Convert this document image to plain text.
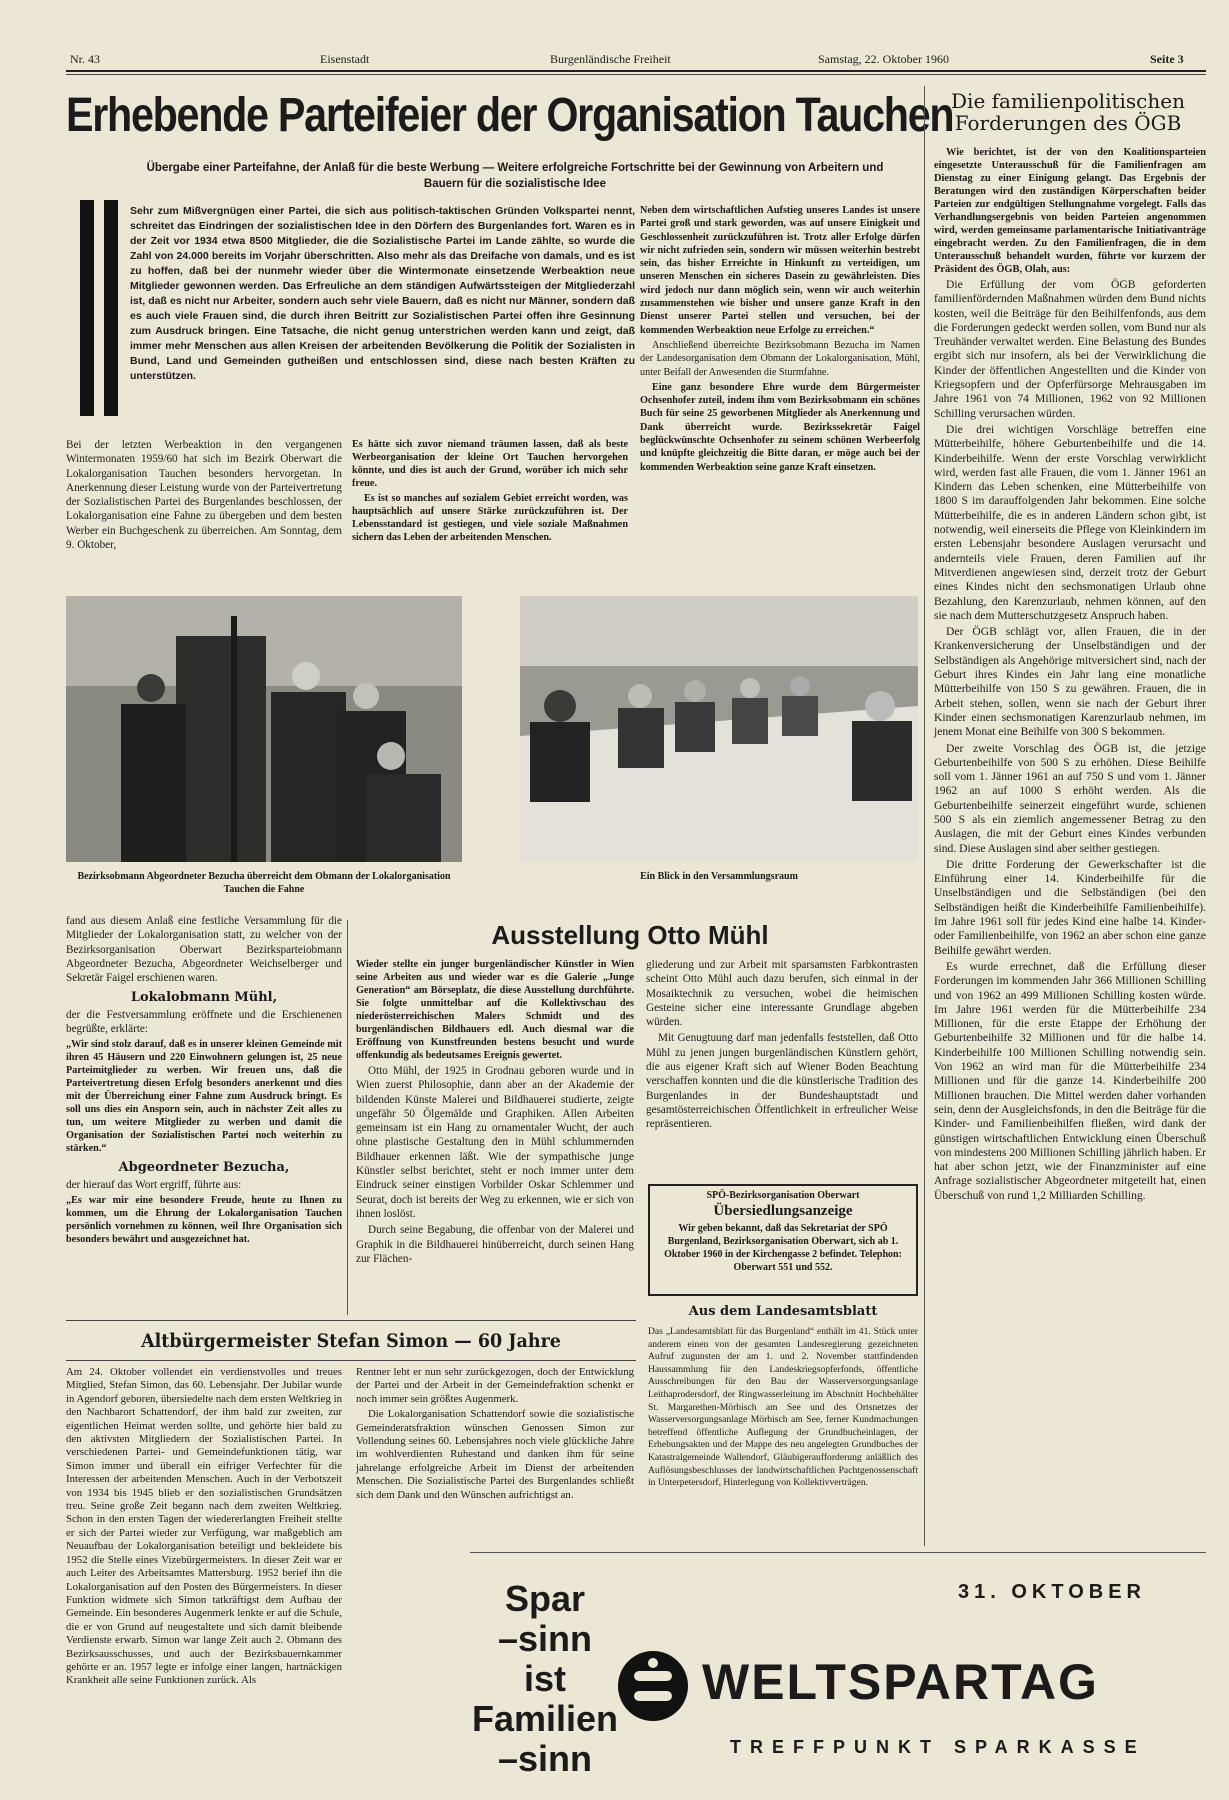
Nr. 43	Eisenstadt	Burgenländische Freiheit	Samstag, 22. Oktober 1960	Seite 3
Erhebende Parteifeier der Organisation Tauchen
Übergabe einer Parteifahne, der Anlaß für die beste Werbung — Weitere erfolgreiche Fortschritte bei der Gewinnung von Arbeitern und Bauern für die sozialistische Idee
Sehr zum Mißvergnügen einer Partei, die sich aus politisch-taktischen Gründen Volkspartei nennt, schreitet das Eindringen der sozialistischen Idee in den Dörfern des Burgenlandes fort. Waren es in der Zeit vor 1934 etwa 8500 Mitglieder, die die Sozialistische Partei im Lande zählte, so wurde die Zahl von 24.000 bereits im Vorjahr überschritten. Also mehr als das Dreifache von damals, und es ist zu hoffen, daß bei der nunmehr wieder über die Wintermonate einsetzende Werbeaktion neue Mitglieder gewonnen werden. Das Erfreuliche an dem ständigen Aufwärtssteigen der Mitgliederzahl ist, daß es nicht nur Arbeiter, sondern auch sehr viele Bauern, daß es nicht nur Männer, sondern daß es auch viele Frauen sind, die durch ihren Beitritt zur Sozialistischen Partei offen ihre Gesinnung zum Ausdruck bringen. Eine Tatsache, die nicht genug unterstrichen werden kann und zeigt, daß immer mehr Menschen aus allen Kreisen der arbeitenden Bevölkerung die Politik der Sozialisten in Bund, Land und Gemeinden gutheißen und entschlossen sind, diese nach besten Kräften zu unterstützen.

Neben dem wirtschaftlichen Aufstieg unseres Landes ist unsere Partei groß und stark geworden, was auf unsere Einigkeit und Geschlossenheit zurückzuführen ist. Trotz aller Erfolge dürfen wir nicht zufrieden sein, sondern wir müssen weiterhin bestrebt sein, das bisher Erreichte in Hinkunft zu verteidigen, um unseren Menschen ein sicheres Dasein zu gewährleisten. Dies wird jedoch nur dann möglich sein, wenn wir auch weiterhin zusammenstehen wie bisher und unsere ganze Kraft in den Dienst unserer Partei stellen und versuchen, bei der kommenden Werbeaktion neue Erfolge zu erreichen.“

Anschließend überreichte Bezirksobmann Bezucha im Namen der Landesorganisation dem Obmann der Lokalorganisation, Mühl, unter Beifall der Anwesenden die Sturmfahne.

Eine ganz besondere Ehre wurde dem Bürgermeister Ochsenhofer zuteil, indem ihm vom Bezirksobmann ein schönes Buch für seine 25 geworbenen Mitglieder als Anerkennung und Dank überreicht wurde. Bezirkssekretär Faigel beglückwünschte Ochsenhofer zu seinem schönen Werbeerfolg und knüpfte gleichzeitig die Bitte daran, er möge auch bei der kommenden Werbeaktion seine ganze Kraft einsetzen.

Bei der letzten Werbeaktion in den vergangenen Wintermonaten 1959/60 hat sich im Bezirk Oberwart die Lokalorganisation Tauchen besonders hervorgetan. In Anerkennung dieser Leistung wurde von der Parteivertretung der Sozialistischen Partei des Burgenlandes beschlossen, der Lokalorganisation eine Fahne zu übergeben und dem besten Werber ein Buchgeschenk zu überreichen. Am Sonntag, dem 9. Oktober,

Es hätte sich zuvor niemand träumen lassen, daß als beste Werbeorganisation der kleine Ort Tauchen hervorgehen könnte, und dies ist auch der Grund, worüber ich mich sehr freue.

Es ist so manches auf sozialem Gebiet erreicht worden, was hauptsächlich auf unsere Stärke zurückzuführen ist. Der Lebensstandard ist gestiegen, und viele soziale Maßnahmen sichern das Leben der arbeitenden Menschen.

Bezirksobmann Abgeordneter Bezucha überreicht dem Obmann der Lokalorganisation Tauchen die Fahne
Ein Blick in den Versammlungsraum

fand aus diesem Anlaß eine festliche Versammlung für die Mitglieder der Lokalorganisation statt, zu welcher von der Bezirksorganisation Oberwart Bezirksparteiobmann Abgeordneter Bezucha, Abgeordneter Weichselberger und Sekretär Faigel erschienen waren.

Lokalobmann Mühl,

der die Festversammlung eröffnete und die Erschienenen begrüßte, erklärte:

„Wir sind stolz darauf, daß es in unserer kleinen Gemeinde mit ihren 45 Häusern und 220 Einwohnern gelungen ist, 25 neue Parteimitglieder zu werben. Wir freuen uns, daß die Parteivertretung diesen Erfolg besonders anerkennt und dies mit der Überreichung einer Fahne zum Ausdruck bringt. Es soll uns dies ein Ansporn sein, auch in nächster Zeit alles zu tun, um weitere Mitglieder zu werben und damit die Organisation der Sozialistischen Partei noch weiterhin zu stärken.“

Abgeordneter Bezucha,

der hierauf das Wort ergriff, führte aus:

„Es war mir eine besondere Freude, heute zu Ihnen zu kommen, um die Ehrung der Lokalorganisation Tauchen persönlich vornehmen zu können, weil Ihre Organisation sich besonders bewährt und ausgezeichnet hat.

Ausstellung Otto Mühl

Wieder stellte ein junger burgenländischer Künstler in Wien seine Arbeiten aus und wieder war es die Galerie „Junge Generation“ am Börseplatz, die diese Ausstellung durchführte. Sie folgte unmittelbar auf die Kollektivschau des niederösterreichischen Malers Schmidt und des burgenländischen Bildhauers edl. Auch diesmal war die Eröffnung von Kunstfreunden bestens besucht und wurde offenkundig als bedeutsames Ereignis gewertet.

Otto Mühl, der 1925 in Grodnau geboren wurde und in Wien zuerst Philosophie, dann aber an der Akademie der bildenden Künste Malerei und Bildhauerei studierte, zeigte ungefähr 50 Ölgemälde und Graphiken. Allen Arbeiten gemeinsam ist ein Hang zu ornamentaler Wucht, der auch ohne plastische Gestaltung den in Mühl schlummernden Bildhauer erkennen läßt. Wie der sympathische junge Künstler selbst berichtet, steht er noch immer unter dem Eindruck seiner einstigen Vorbilder Oskar Schlemmer und Seurat, doch ist bereits der Weg zu erkennen, wie er sich von ihnen loslöst.

Durch seine Begabung, die offenbar von der Malerei und Graphik in die Bildhauerei hinüberreicht, durch seinen Hang zur Flächen-

gliederung und zur Arbeit mit sparsamsten Farbkontrasten scheint Otto Mühl auch dazu berufen, sich einmal in der Mosaiktechnik zu versuchen, wobei die heimischen Gesteine sicher eine interessante Grundlage abgeben würden.

Mit Genugtuung darf man jedenfalls feststellen, daß Otto Mühl zu jenen jungen burgenländischen Künstlern gehört, die aus eigener Kraft sich auf Wiener Boden Beachtung verschaffen konnten und die die künstlerische Tradition des Burgenlandes in der Bundeshauptstadt und gesamtösterreichischen Öffentlichkeit in erfreulicher Weise repräsentieren.

SPÖ-Bezirksorganisation Oberwart
Übersiedlungsanzeige
Wir geben bekannt, daß das Sekretariat der SPÖ Burgenland, Bezirksorganisation Oberwart, sich ab 1. Oktober 1960 in der Kirchengasse 2 befindet. Telephon: Oberwart 551 und 552.
Aus dem Landesamtsblatt
Das „Landesamtsblatt für das Burgenland“ enthält im 41. Stück unter anderem einen von der gesamten Landesregierung gezeichneten Aufruf zugunsten der am 1. und 2. November stattfindenden Haussammlung für den Landeskriegsopferfonds, öffentliche Ausschreibungen für den Bau der Wasserversorgungsanlage Leithaprodersdorf, der Ringwasserleitung im Abschnitt Hochbehälter St. Margarethen-Mörbisch am See und des Ortsnetzes der Wasserversorgungsanlage Mörbisch am See, ferner Kundmachungen betreffend öffentliche Auflegung der Grundbucheinlagen, der Erhebungsakten und der Mappe des neu angelegten Grundbuches der Katastralgemeinde Wallendorf, Gläubigeraufforderung anläßlich des Auflösungsbeschlusses der landwirtschaftlichen Pachtgenossenschaft in Unterpetersdorf, Hinterlegung von Kollektivverträgen.
Altbürgermeister Stefan Simon — 60 Jahre
Am 24. Oktober vollendet ein verdienstvolles und treues Mitglied, Stefan Simon, das 60. Lebensjahr. Der Jubilar wurde in Agendorf geboren, übersiedelte nach dem ersten Weltkrieg in den Nachbarort Schattendorf, der ihm bald zur zweiten, zur eigentlichen Heimat werden sollte, und gehörte hier bald zu den aktivsten Mitgliedern der Sozialistischen Partei. In verschiedenen Partei- und Gemeindefunktionen tätig, war Simon immer und überall ein eifriger Verfechter für die Interessen der arbeitenden Menschen. Auch in der Verbotszeit von 1934 bis 1945 blieb er den sozialistischen Grundsätzen treu. Seine große Zeit begann nach dem zweiten Weltkrieg. Schon in den ersten Tagen der wiedererlangten Freiheit stellte er sich der Partei wieder zur Verfügung, war maßgeblich am Neuaufbau der Lokalorganisation beteiligt und bekleidete bis 1952 die Stelle eines Vizebürgermeisters. In dieser Zeit war er auch Leiter des Arbeitsamtes Mattersburg. 1952 berief ihn die Lokalorganisation auf den Posten des Bürgermeisters. In dieser Funktion widmete sich Simon tatkräftigst dem Aufbau der Gemeinde. Ein besonderes Augenmerk lenkte er auf die Schule, die er von Grund auf neugestaltete und sich damit bleibende Verdienste erwarb. Simon war lange Zeit auch 2. Obmann des Bezirksausschusses, und auch der Bezirksbauernkammer gehörte er an. 1957 legte er infolge einer langen, hartnäckigen Krankheit alle seine Funktionen zurück. Als

Rentner lebt er nun sehr zurückgezogen, doch der Entwicklung der Partei und der Arbeit in der Gemeindefraktion schenkt er noch immer sein größtes Augenmerk.

Die Lokalorganisation Schattendorf sowie die sozialistische Gemeinderatsfraktion wünschen Genossen Simon zur Vollendung seines 60. Lebensjahres noch viele glückliche Jahre im wohlverdienten Ruhestand und danken ihm für seine jahrelange erfolgreiche Arbeit im Dienst der arbeitenden Menschen. Die Sozialistische Partei des Burgenlandes schließt sich dem Dank und den Wünschen aufrichtigst an.

Die familienpolitischen Forderungen des ÖGB

Wie berichtet, ist der von den Koalitionsparteien eingesetzte Unterausschuß für die Familienfragen am Dienstag zu einer Einigung gelangt. Das Ergebnis der Beratungen wird den zuständigen Körperschaften beider Parteien zur endgültigen Stellungnahme vorgelegt. Falls das Verhandlungsergebnis von beiden Parteien angenommen wird, werden gemeinsame parlamentarische Initiativanträge eingebracht werden. Zu den Familienfragen, die in dem Unterausschuß behandelt wurden, führte vor kurzem der Präsident des ÖGB, Olah, aus:

Die Erfüllung der vom ÖGB geforderten familienfördernden Maßnahmen würden dem Bund nichts kosten, weil die Beiträge für den Beihilfenfonds, aus dem die Forderungen gedeckt werden sollen, vom Bund nur als Treuhänder verwaltet werden. Eine Belastung des Bundes ergibt sich nur insofern, als bei der Verwirklichung die Kinder der öffentlichen Angestellten und die Kinder von Kriegsopfern und der Opferfürsorge Mehrausgaben im Jahre 1961 von 74 Millionen, 1962 von 92 Millionen Schilling verursachen würden.

Die drei wichtigen Vorschläge betreffen eine Mütterbeihilfe, höhere Geburtenbeihilfe und die 14. Kinderbeihilfe. Wenn der erste Vorschlag verwirklicht wird, werden fast alle Frauen, die vom 1. Jänner 1961 an Kindern das Leben schenken, eine Mütterbeihilfe von 1800 S im darauffolgenden Jahr bekommen. Eine solche Mütterbeihilfe, die es in anderen Ländern schon gibt, ist notwendig, weil einerseits die Pflege von Kleinkindern im ersten Lebensjahr besondere Auslagen verursacht und andernteils viele Frauen, deren Familien auf ihr Mitverdienen angewiesen sind, derzeit trotz der Geburt eines Kindes nicht den sechsmonatigen Urlaub ohne Bezahlung, den Karenzurlaub, nehmen können, auf den sie nach dem Mutterschutzgesetz Anspruch haben.

Der ÖGB schlägt vor, allen Frauen, die in der Krankenversicherung der Unselbständigen und der Selbständigen als Angehörige mitversichert sind, nach der Geburt ihres Kindes ein Jahr lang eine monatliche Mütterbeihilfe von 150 S zu gewähren. Frauen, die in Arbeit stehen, sollen, wenn sie nach der Geburt ihrer Kinder einen sechsmonatigen Karenzurlaub nehmen, im jenem Monat eine Beihilfe von 300 S bekommen.

Der zweite Vorschlag des ÖGB ist, die jetzige Geburtenbeihilfe von 500 S zu erhöhen. Diese Beihilfe soll vom 1. Jänner 1961 an auf 750 S und vom 1. Jänner 1962 an auf 1000 S erhöht werden. Als die Geburtenbeihilfe seinerzeit eingeführt wurde, schienen 500 S als ein ziemlich angemessener Betrag zu den Auslagen, die mit der Geburt eines Kindes verbunden sind. Diese Auslagen sind aber seither gestiegen.

Die dritte Forderung der Gewerkschafter ist die Einführung einer 14. Kinderbeihilfe für die Unselbständigen und die Selbständigen (bei den Selbständigen heißt die Kinderbeihilfe Familienbeihilfe). Im Jahre 1961 soll für jedes Kind eine halbe 14. Kinder- oder Familienbeihilfe, von 1962 an aber schon eine ganze Beihilfe gewährt werden.

Es wurde errechnet, daß die Erfüllung dieser Forderungen im kommenden Jahr 366 Millionen Schilling und von 1962 an 499 Millionen Schilling kosten würde. Im Jahre 1961 werden für die Mütterbeihilfe 234 Millionen, für die erste Etappe der Erhöhung der Geburtenbeihilfe 32 Millionen und für die halbe 14. Kinderbeihilfe 100 Millionen Schilling notwendig sein. Von 1962 an wird man für die Mütterbeihilfe 234 Millionen und für die ganze 14. Kinderbeihilfe 200 Millionen brauchen. Die Mittel werden daher vorhanden sein, denn der Ausgleichsfonds, in den die Beiträge für die Kinder- und Familienbeihilfen fließen, wird dank der günstigen wirtschaftlichen Entwicklung einen Überschuß von mindestens 200 Millionen Schilling jährlich haben. Er hat aber schon jetzt, wie der Finanzminister auf eine Anfrage sozialistischer Abgeordneter mitgeteilt hat, einen Überschuß von rund 1,2 Milliarden Schilling.

Spar
–sinn
ist
Familien
–sinn
31. OKTOBER
WELTSPARTAG
TREFFPUNKT SPARKASSE
